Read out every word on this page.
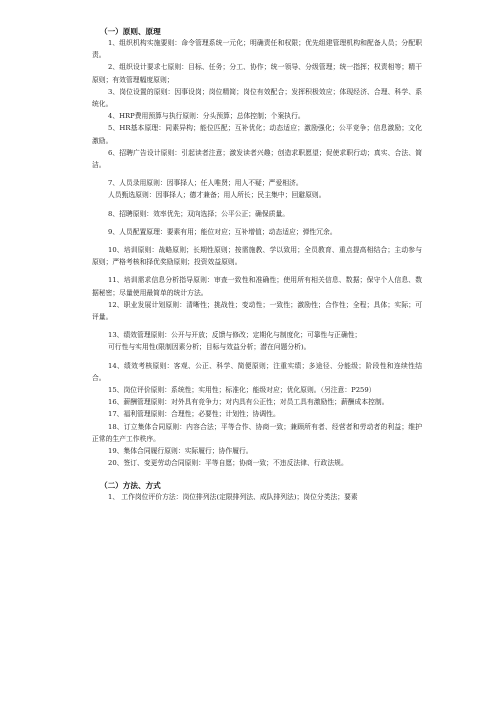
（一）原则、原理

1、组织机构实施要则：命令管理系统一元化；明确责任和权限；优先组建管理机构和配备人员；分配职责。

2、组织设计要求七原则：目标、任务；分工、协作；统一领导、分级管理；统一指挥；权责相等；精干原则；有效管理幅度原则；

3、岗位设置的原则：因事设岗；岗位精简；岗位有效配合；发挥积极效应；体现经济、合理、科学、系统化。

4、HRP费用预算与执行原则：分头预算；总体控制；个案执行。

5、HR基本原理：同素异构；能位匹配；互补优化；动态适应；激励强化；公平竞争；信息激励；文化激励。

6、招聘广告设计原则：引起读者注意；激发读者兴趣；创造求职愿望；促使求职行动；真实、合法、简洁。

7、人员录用原则：因事择人；任人唯贤；用人不疑；严爱相济。

人员甄选原则：因事择人；德才兼备；用人所长；民主集中；回避原则。

8、招聘原则：效率优先；双向选择；公平公正；确保质量。

9、人员配置原理：要素有用；能位对应；互补增值；动态适应；弹性冗余。

10、培训原则：战略原则；长期性原则；按需施教、学以致用；全员教育、重点提高相结合；主动参与原则；严格考核和择优奖励原则；投资效益原则。

11、培训需求信息分析指导原则：审查一致性和准确性；使用所有相关信息、数据；保守个人信息、数据秘密；尽量使用最简单的统计方法。

12、职业发展计划原则：清晰性；挑战性；变动性；一致性；激励性；合作性；全程；具体；实际；可评量。

13、绩效管理原则：公开与开放；反馈与修改；定期化与制度化；可靠性与正确性；

可行性与实用性(限制因素分析；目标与效益分析；潜在问题分析)。

14、绩效考核原则：客观、公正、科学、简便原则；注重实绩；多途径、分能级；阶段性和连续性结合。

15、岗位评价原则：系统性；实用性；标准化；能级对应；优化原则。（另注意：P259）

16、薪酬管理原则：对外具有竞争力；对内具有公正性；对员工具有激励性；薪酬成本控制。

17、福利管理原则：合理性；必要性；计划性；协调性。

18、订立集体合同原则：内容合法；平等合作、协商一致；兼顾所有者、经营者和劳动者的利益；维护正常的生产工作秩序。

19、集体合同履行原则：实际履行；协作履行。

20、签订、变更劳动合同原则：平等自愿；协商一致；不违反法律、行政法规。

（二）方法、方式

1、 工作岗位评价方法：岗位排列法(定限排列法、成队排列法)；岗位分类法；要素
